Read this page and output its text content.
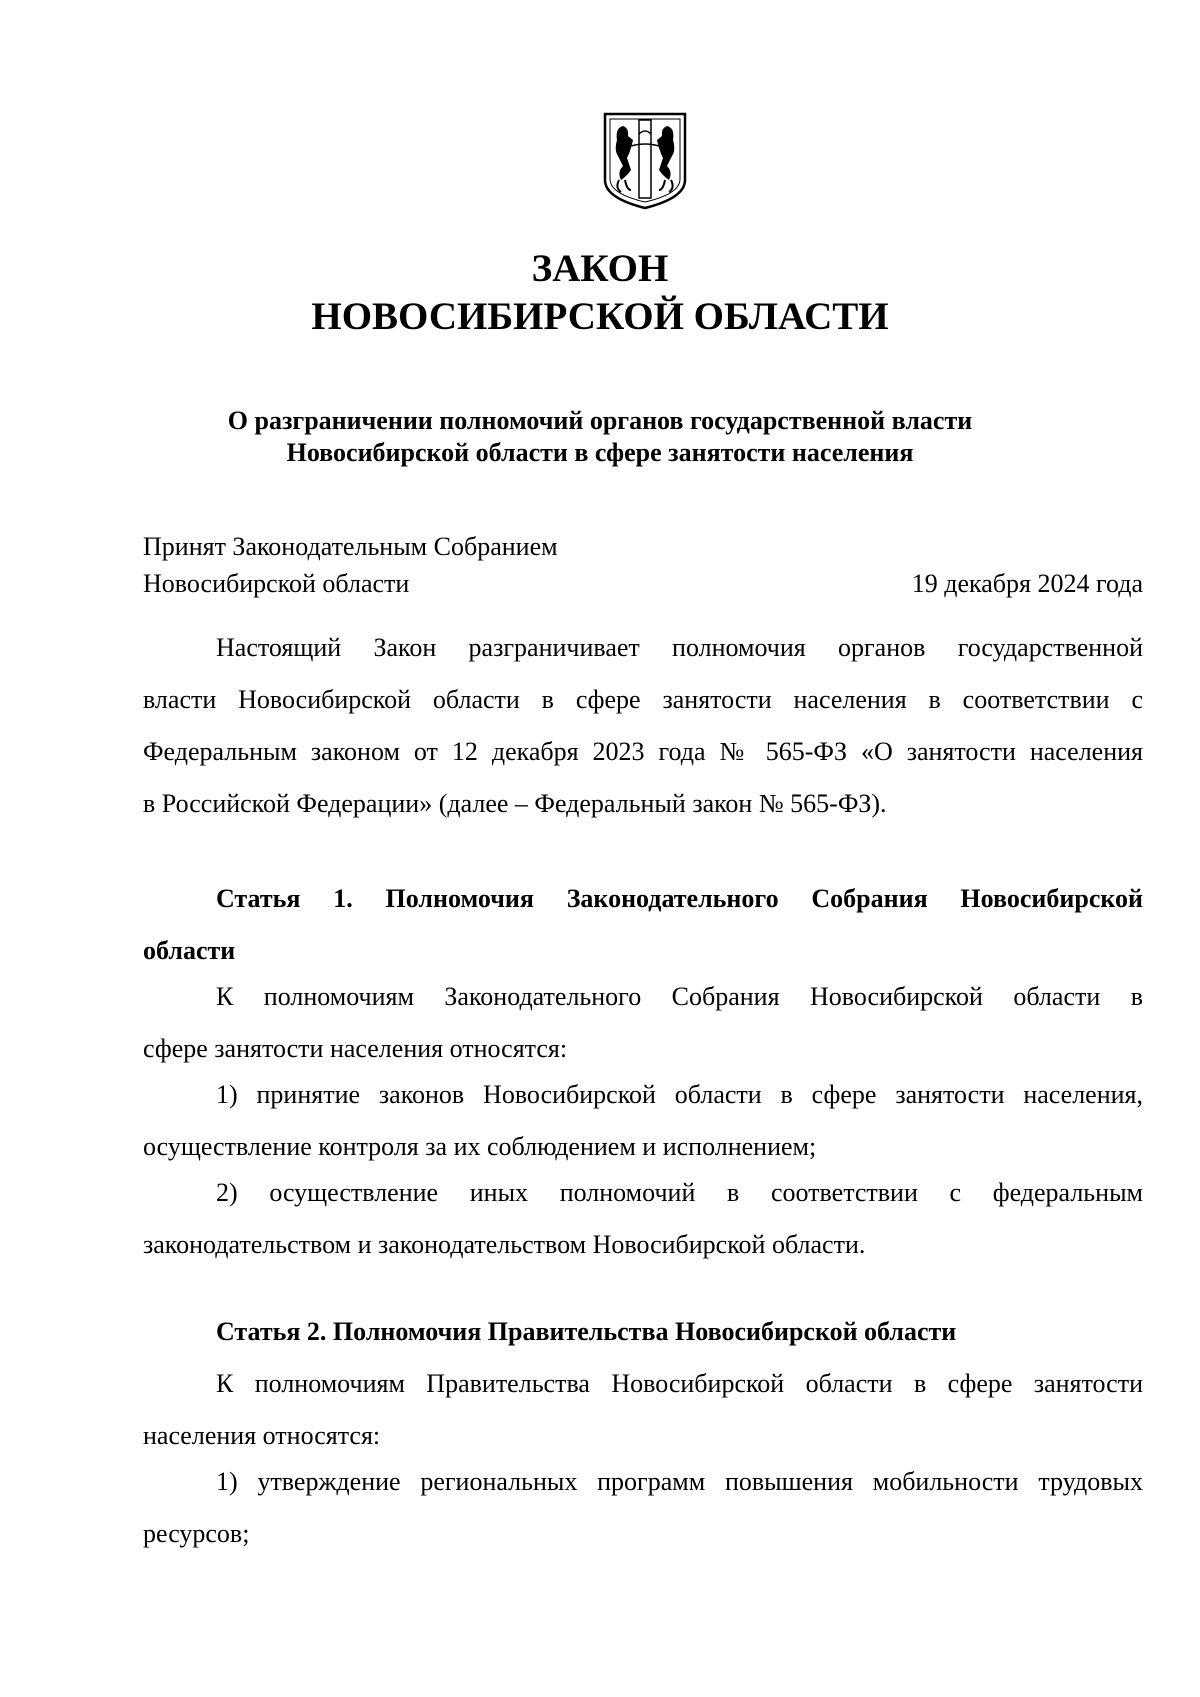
ЗАКОН
НОВОСИБИРСКОЙ ОБЛАСТИ
О разграничении полномочий органов государственной власти
Новосибирской области в сфере занятости населения
Принят Законодательным Собранием
Новосибирской области	19 декабря 2024 года
Настоящий Закон разграничивает полномочия органов государственной
власти Новосибирской области в сфере занятости населения в соответствии с
Федеральным законом от 12 декабря 2023 года № 565-ФЗ «О занятости населения
в Российской Федерации» (далее – Федеральный закон № 565-ФЗ).
Статья 1. Полномочия Законодательного Собрания Новосибирской
области
К полномочиям Законодательного Собрания Новосибирской области в
сфере занятости населения относятся:
1) принятие законов Новосибирской области в сфере занятости населения,
осуществление контроля за их соблюдением и исполнением;
2) осуществление иных полномочий в соответствии с федеральным
законодательством и законодательством Новосибирской области.
Статья 2. Полномочия Правительства Новосибирской области
К полномочиям Правительства Новосибирской области в сфере занятости
населения относятся:
1) утверждение региональных программ повышения мобильности трудовых
ресурсов;
